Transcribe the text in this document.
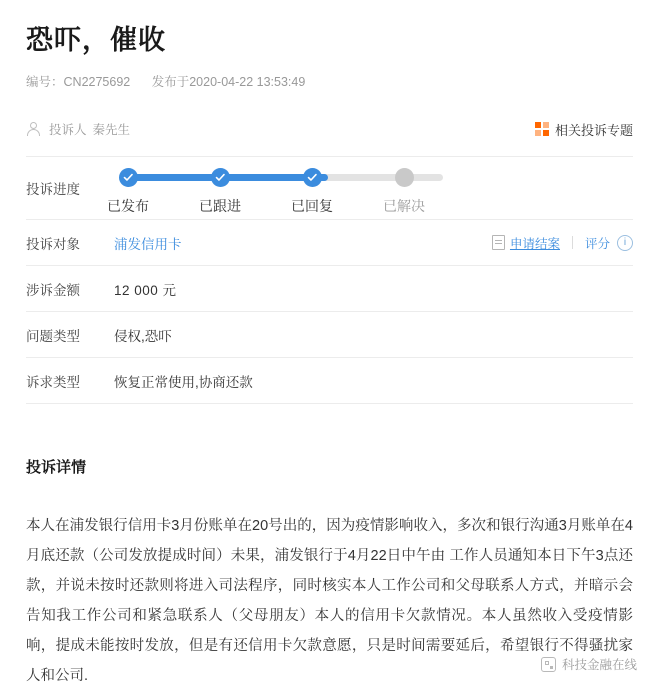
恐吓，催收
编号：CN2275692 发布于2020-04-22 13:53:49
投诉人 秦先生	相关投诉专题
投诉进度
已发布	已跟进	已回复	已解决
投诉对象	浦发信用卡	申请结案 评分	i
涉诉金额	12 000 元
问题类型	侵权,恐吓
诉求类型	恢复正常使用,协商还款
投诉详情
本人在浦发银行信用卡3月份账单在20号出的，因为疫情影响收入，多次和银行沟通3月账单在4月底还款（公司发放提成时间）未果，浦发银行于4月22日中午由 工作人员通知本日下午3点还款，并说未按时还款则将进入司法程序，同时核实本人工作公司和父母联系人方式，并暗示会告知我工作公司和紧急联系人（父母朋友）本人的信用卡欠款情况。本人虽然收入受疫情影响，提成未能按时发放，但是有还信用卡欠款意愿，只是时间需要延后，希望银行不得骚扰家人和公司.
科技金融在线
